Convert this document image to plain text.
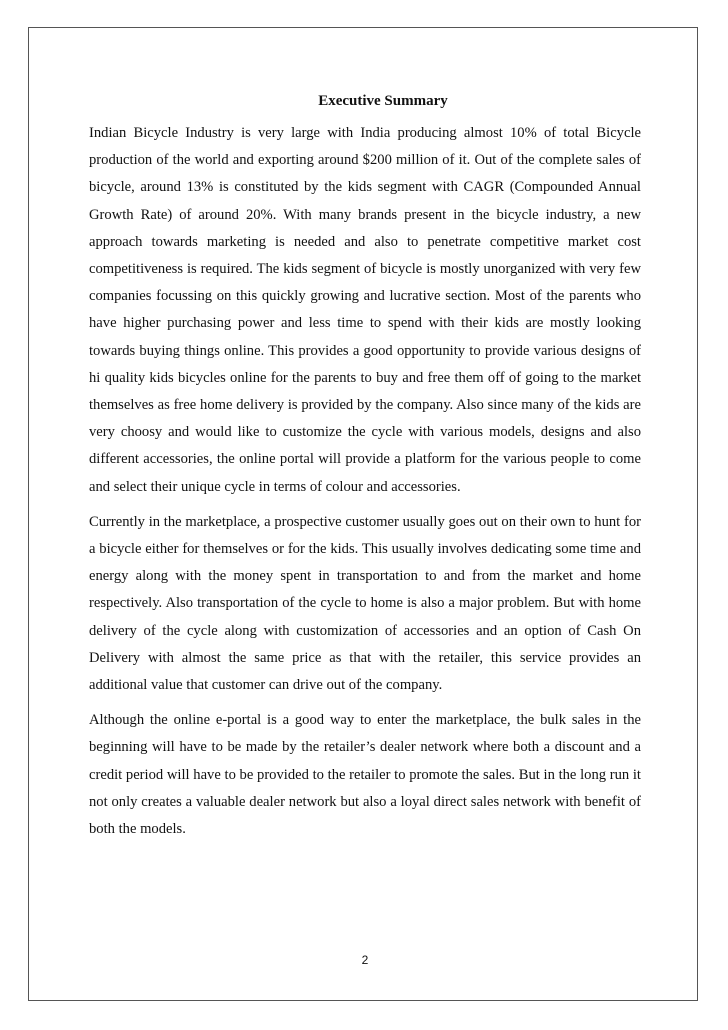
Executive Summary

Indian Bicycle Industry is very large with India producing almost 10% of total Bicycle production of the world and exporting around $200 million of it. Out of the complete sales of bicycle, around 13% is constituted by the kids segment with CAGR (Compounded Annual Growth Rate) of around 20%. With many brands present in the bicycle industry, a new approach towards marketing is needed and also to penetrate competitive market cost competitiveness is required. The kids segment of bicycle is mostly unorganized with very few companies focussing on this quickly growing and lucrative section. Most of the parents who have higher purchasing power and less time to spend with their kids are mostly looking towards buying things online. This provides a good opportunity to provide various designs of hi quality kids bicycles online for the parents to buy and free them off of going to the market themselves as free home delivery is provided by the company. Also since many of the kids are very choosy and would like to customize the cycle with various models, designs and also different accessories, the online portal will provide a platform for the various people to come and select their unique cycle in terms of colour and accessories.

Currently in the marketplace, a prospective customer usually goes out on their own to hunt for a bicycle either for themselves or for the kids. This usually involves dedicating some time and energy along with the money spent in transportation to and from the market and home respectively. Also transportation of the cycle to home is also a major problem. But with home delivery of the cycle along with customization of accessories and an option of Cash On Delivery with almost the same price as that with the retailer, this service provides an additional value that customer can drive out of the company.

Although the online e-portal is a good way to enter the marketplace, the bulk sales in the beginning will have to be made by the retailer’s dealer network where both a discount and a credit period will have to be provided to the retailer to promote the sales. But in the long run it not only creates a valuable dealer network but also a loyal direct sales network with benefit of both the models.

2
